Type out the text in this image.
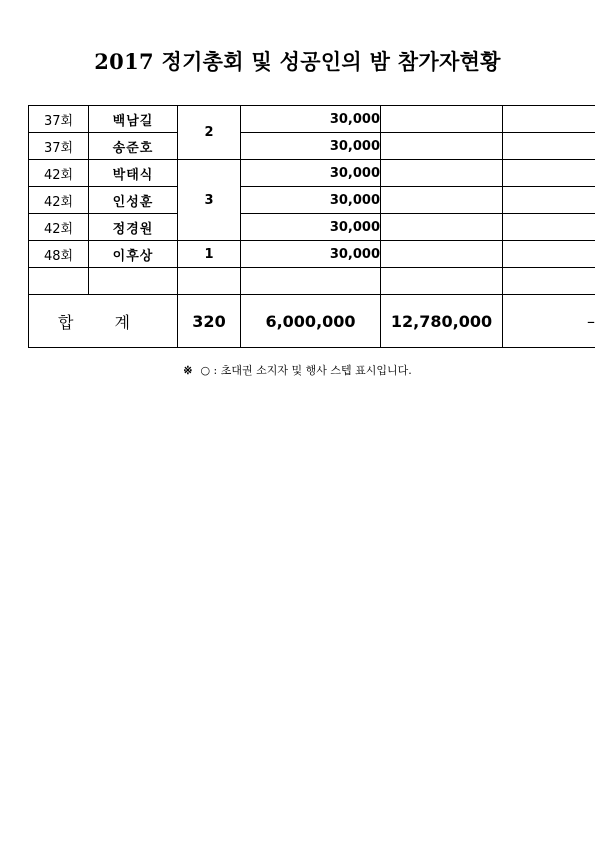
2017 정기총회 및 성공인의 밤 참가자현황
37회	백남길	2	30,000		
37회	송준호		30,000		
42회	박태식	3	30,000		
42회	인성훈		30,000		
42회	정경원		30,000		
48회	이후상	1	30,000		

합 계		320	6,000,000	12,780,000	–
※ ○ : 초대권 소지자 및 행사 스텝 표시입니다.
